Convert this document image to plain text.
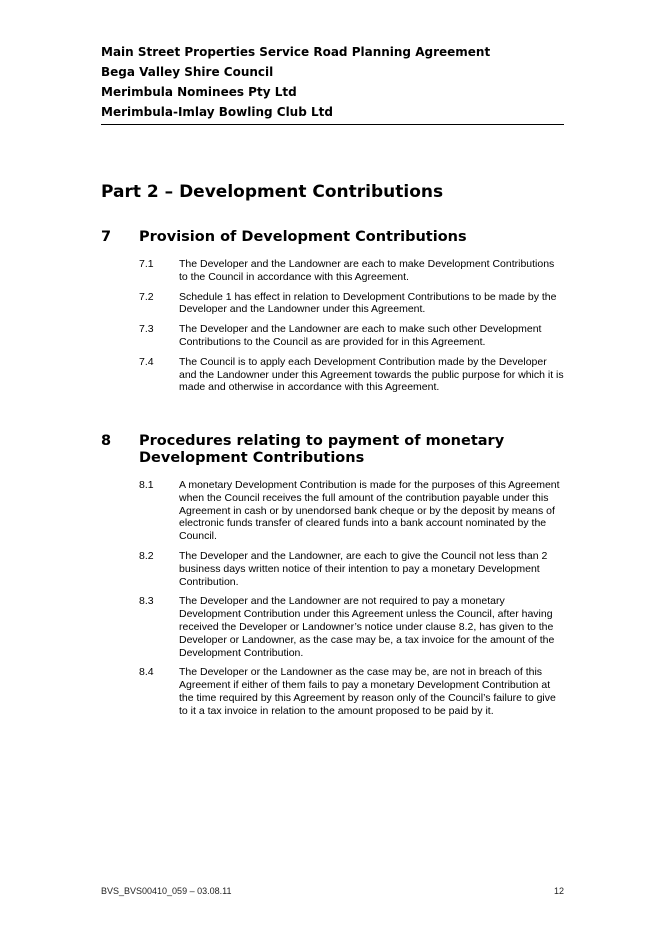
Main Street Properties Service Road Planning Agreement
Bega Valley Shire Council
Merimbula Nominees Pty Ltd
Merimbula-Imlay Bowling Club Ltd
Part 2 – Development Contributions
7	Provision of Development Contributions
7.1	The Developer and the Landowner are each to make Development Contributions to the Council in accordance with this Agreement.
7.2	Schedule 1 has effect in relation to Development Contributions to be made by the Developer and the Landowner under this Agreement.
7.3	The Developer and the Landowner are each to make such other Development Contributions to the Council as are provided for in this Agreement.
7.4	The Council is to apply each Development Contribution made by the Developer and the Landowner under this Agreement towards the public purpose for which it is made and otherwise in accordance with this Agreement.
8	Procedures relating to payment of monetary Development Contributions
8.1	A monetary Development Contribution is made for the purposes of this Agreement when the Council receives the full amount of the contribution payable under this Agreement in cash or by unendorsed bank cheque or by the deposit by means of electronic funds transfer of cleared funds into a bank account nominated by the Council.
8.2	The Developer and the Landowner, are each to give the Council not less than 2 business days written notice of their intention to pay a monetary Development Contribution.
8.3	The Developer and the Landowner are not required to pay a monetary Development Contribution under this Agreement unless the Council, after having received the Developer or Landowner’s notice under clause 8.2, has given to the Developer or Landowner, as the case may be, a tax invoice for the amount of the Development Contribution.
8.4	The Developer or the Landowner as the case may be, are not in breach of this Agreement if either of them fails to pay a monetary Development Contribution at the time required by this Agreement by reason only of the Council’s failure to give to it a tax invoice in relation to the amount proposed to be paid by it.
BVS_BVS00410_059 – 03.08.11	12
